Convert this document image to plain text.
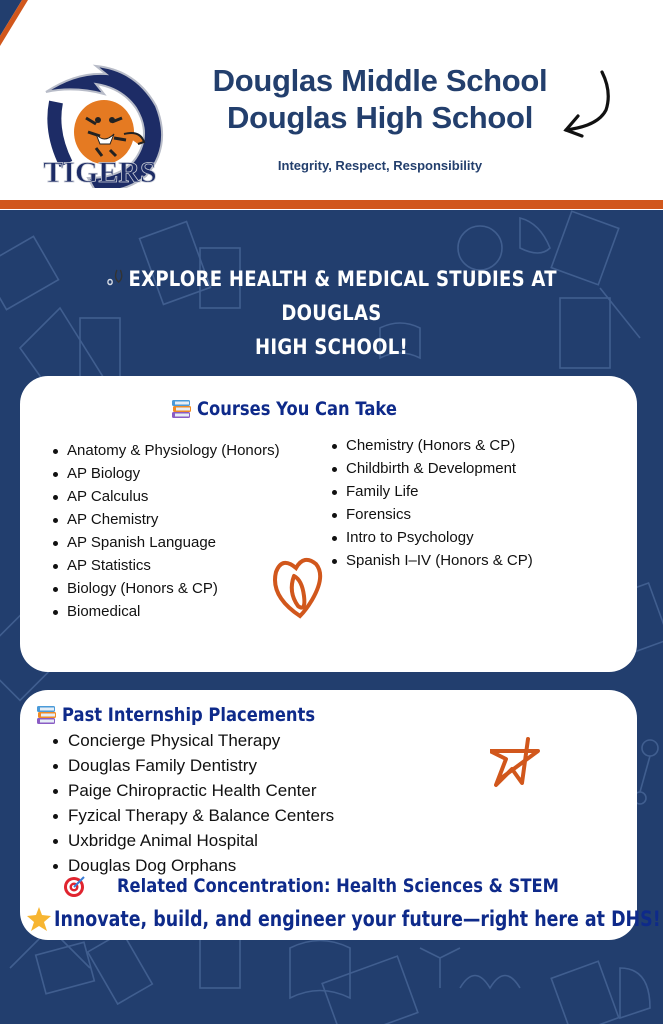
TIGERS
Douglas Middle School
Douglas High School
Integrity, Respect, Responsibility
EXPLORE HEALTH & MEDICAL STUDIES AT DOUGLAS
HIGH SCHOOL!
Courses You Can Take
Anatomy & Physiology (Honors)
AP Biology
AP Calculus
AP Chemistry
AP Spanish Language
AP Statistics
Biology (Honors & CP)
Biomedical
Chemistry (Honors & CP)
Childbirth & Development
Family Life
Forensics
Intro to Psychology
Spanish I–IV (Honors & CP)
Past Internship Placements
Concierge Physical Therapy
Douglas Family Dentistry
Paige Chiropractic Health Center
Fyzical Therapy & Balance Centers
Uxbridge Animal Hospital
Douglas Dog Orphans
Related Concentration: Health Sciences & STEM
Innovate, build, and engineer your future—right here at DHS!
